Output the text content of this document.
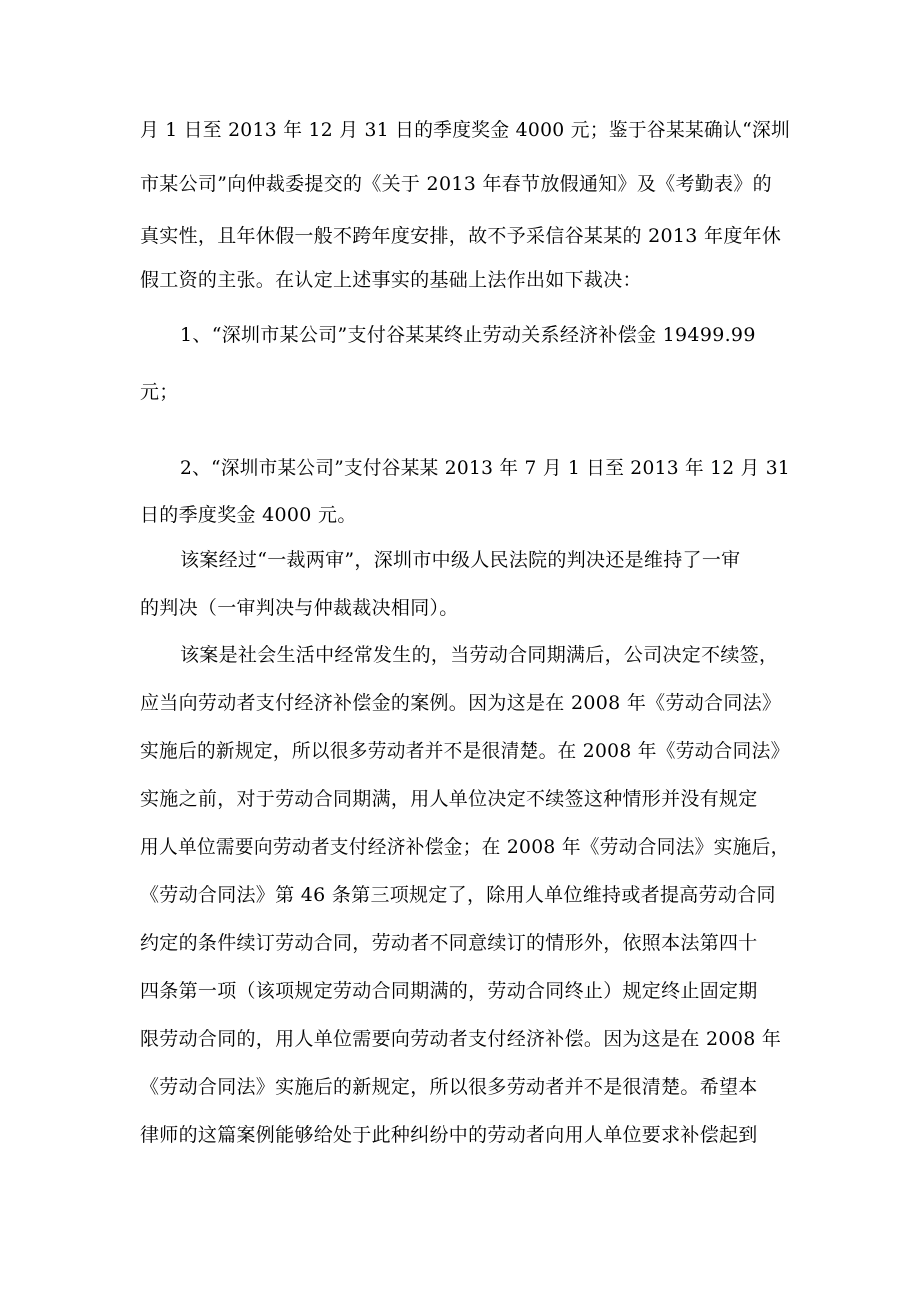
月 1 日至 2013 年 12 月 31 日的季度奖金 4000 元；鉴于谷某某确认“深圳
市某公司”向仲裁委提交的《关于 2013 年春节放假通知》及《考勤表》的
真实性，且年休假一般不跨年度安排，故不予采信谷某某的 2013 年度年休
假工资的主张。在认定上述事实的基础上法作出如下裁决：
1、“深圳市某公司”支付谷某某终止劳动关系经济补偿金 19499.99
元；
2、“深圳市某公司”支付谷某某 2013 年 7 月 1 日至 2013 年 12 月 31
日的季度奖金 4000 元。
该案经过“一裁两审”，深圳市中级人民法院的判决还是维持了一审
的判决（一审判决与仲裁裁决相同）。
该案是社会生活中经常发生的，当劳动合同期满后，公司决定不续签，
应当向劳动者支付经济补偿金的案例。因为这是在 2008 年《劳动合同法》
实施后的新规定，所以很多劳动者并不是很清楚。在 2008 年《劳动合同法》
实施之前，对于劳动合同期满，用人单位决定不续签这种情形并没有规定
用人单位需要向劳动者支付经济补偿金；在 2008 年《劳动合同法》实施后，
《劳动合同法》第 46 条第三项规定了，除用人单位维持或者提高劳动合同
约定的条件续订劳动合同，劳动者不同意续订的情形外，依照本法第四十
四条第一项（该项规定劳动合同期满的，劳动合同终止）规定终止固定期
限劳动合同的，用人单位需要向劳动者支付经济补偿。因为这是在 2008 年
《劳动合同法》实施后的新规定，所以很多劳动者并不是很清楚。希望本
律师的这篇案例能够给处于此种纠纷中的劳动者向用人单位要求补偿起到
